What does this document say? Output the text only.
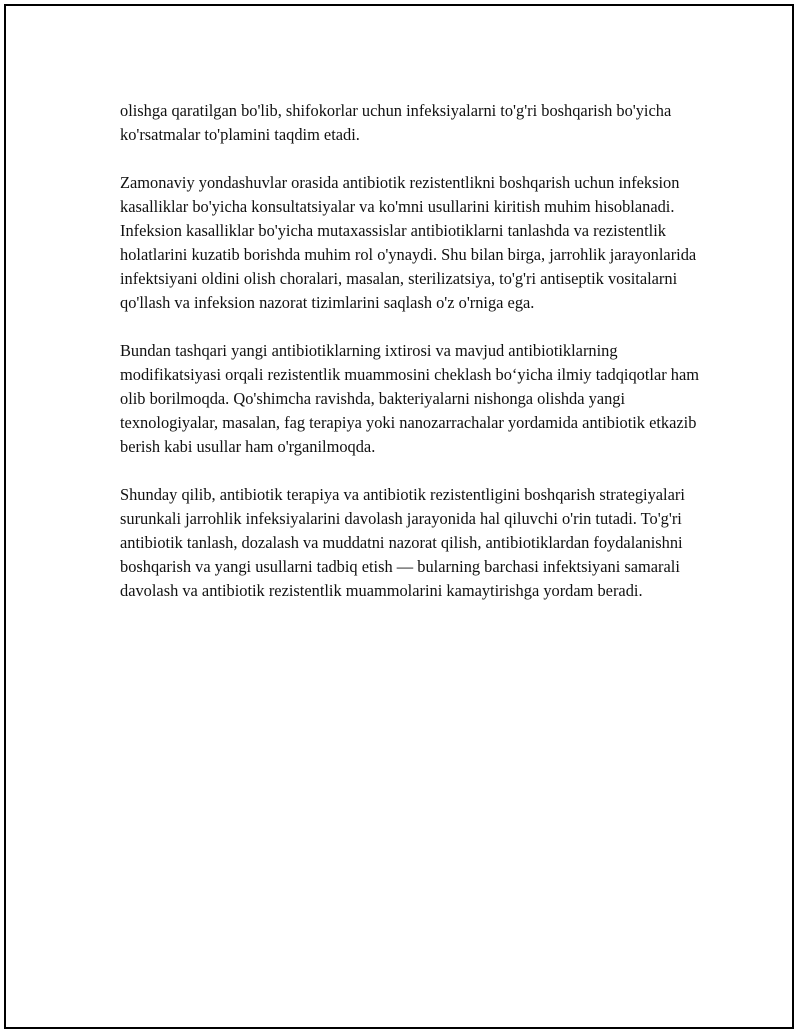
olishga qaratilgan bo'lib, shifokorlar uchun infeksiyalarni to'g'ri boshqarish bo'yicha ko'rsatmalar to'plamini taqdim etadi.

Zamonaviy yondashuvlar orasida antibiotik rezistentlikni boshqarish uchun infeksion kasalliklar bo'yicha konsultatsiyalar va ko'mni usullarini kiritish muhim hisoblanadi. Infeksion kasalliklar bo'yicha mutaxassislar antibiotiklarni tanlashda va rezistentlik holatlarini kuzatib borishda muhim rol o'ynaydi. Shu bilan birga, jarrohlik jarayonlarida infektsiyani oldini olish choralari, masalan, sterilizatsiya, to'g'ri antiseptik vositalarni qo'llash va infeksion nazorat tizimlarini saqlash o'z o'rniga ega.

Bundan tashqari yangi antibiotiklarning ixtirosi va mavjud antibiotiklarning modifikatsiyasi orqali rezistentlik muammosini cheklash bo‘yicha ilmiy tadqiqotlar ham olib borilmoqda. Qo'shimcha ravishda, bakteriyalarni nishonga olishda yangi texnologiyalar, masalan, fag terapiya yoki nanozarrachalar yordamida antibiotik etkazib berish kabi usullar ham o'rganilmoqda.

Shunday qilib, antibiotik terapiya va antibiotik rezistentligini boshqarish strategiyalari surunkali jarrohlik infeksiyalarini davolash jarayonida hal qiluvchi o'rin tutadi. To'g'ri antibiotik tanlash, dozalash va muddatni nazorat qilish, antibiotiklardan foydalanishni boshqarish va yangi usullarni tadbiq etish — bularning barchasi infektsiyani samarali davolash va antibiotik rezistentlik muammolarini kamaytirishga yordam beradi.
